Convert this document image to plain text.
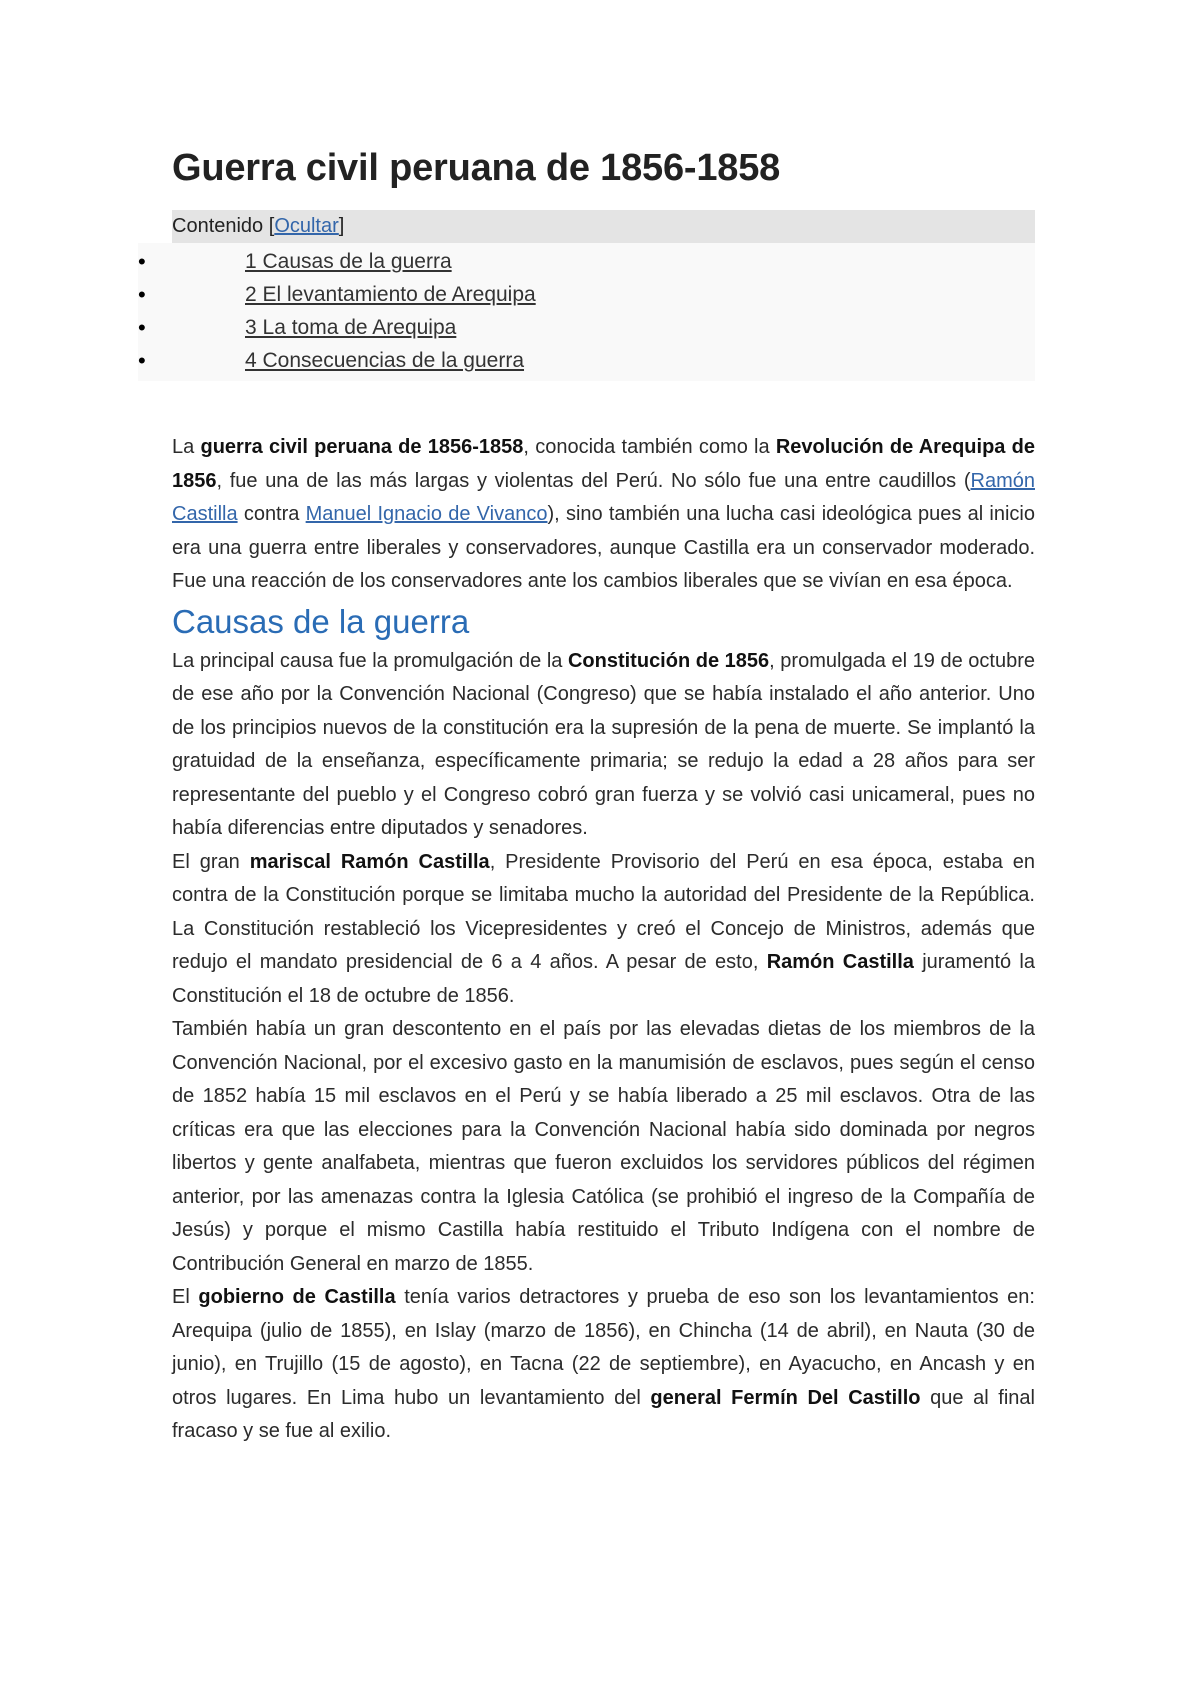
Guerra civil peruana de 1856-1858
Contenido [Ocultar]
•	1 Causas de la guerra
•	2 El levantamiento de Arequipa
•	3 La toma de Arequipa
•	4 Consecuencias de la guerra

La guerra civil peruana de 1856-1858, conocida también como la Revolución de Arequipa de 1856, fue una de las más largas y violentas del Perú. No sólo fue una entre caudillos (Ramón Castilla contra Manuel Ignacio de Vivanco), sino también una lucha casi ideológica pues al inicio era una guerra entre liberales y conservadores, aunque Castilla era un conservador moderado. Fue una reacción de los conservadores ante los cambios liberales que se vivían en esa época.

Causas de la guerra

La principal causa fue la promulgación de la Constitución de 1856, promulgada el 19 de octubre de ese año por la Convención Nacional (Congreso) que se había instalado el año anterior. Uno de los principios nuevos de la constitución era la supresión de la pena de muerte. Se implantó la gratuidad de la enseñanza, específicamente primaria; se redujo la edad a 28 años para ser representante del pueblo y el Congreso cobró gran fuerza y se volvió casi unicameral, pues no había diferencias entre diputados y senadores.

El gran mariscal Ramón Castilla, Presidente Provisorio del Perú en esa época, estaba en contra de la Constitución porque se limitaba mucho la autoridad del Presidente de la República. La Constitución restableció los Vicepresidentes y creó el Concejo de Ministros, además que redujo el mandato presidencial de 6 a 4 años. A pesar de esto, Ramón Castilla juramentó la Constitución el 18 de octubre de 1856.

También había un gran descontento en el país por las elevadas dietas de los miembros de la Convención Nacional, por el excesivo gasto en la manumisión de esclavos, pues según el censo de 1852 había 15 mil esclavos en el Perú y se había liberado a 25 mil esclavos. Otra de las críticas era que las elecciones para la Convención Nacional había sido dominada por negros libertos y gente analfabeta, mientras que fueron excluidos los servidores públicos del régimen anterior, por las amenazas contra la Iglesia Católica (se prohibió el ingreso de la Compañía de Jesús) y porque el mismo Castilla había restituido el Tributo Indígena con el nombre de Contribución General en marzo de 1855.

El gobierno de Castilla tenía varios detractores y prueba de eso son los levantamientos en: Arequipa (julio de 1855), en Islay (marzo de 1856), en Chincha (14 de abril), en Nauta (30 de junio), en Trujillo (15 de agosto), en Tacna (22 de septiembre), en Ayacucho, en Ancash y en otros lugares. En Lima hubo un levantamiento del general Fermín Del Castillo que al final fracaso y se fue al exilio.
